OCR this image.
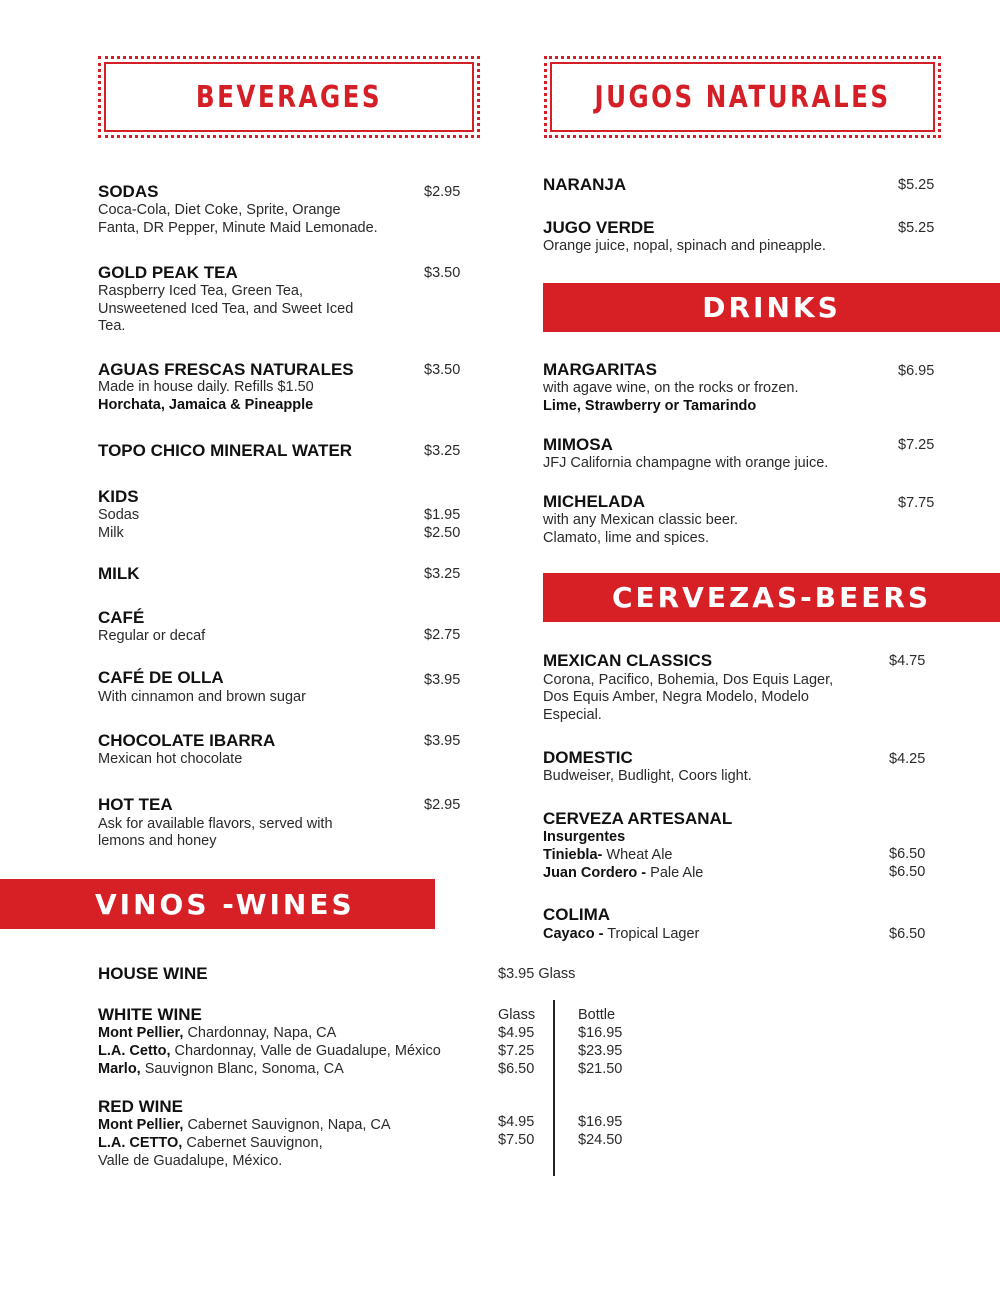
BEVERAGES	JUGOS NATURALES
SODAS	$2.95
Coca-Cola, Diet Coke, Sprite, Orange
Fanta, DR Pepper, Minute Maid Lemonade.
GOLD PEAK TEA	$3.50
Raspberry Iced Tea, Green Tea,
Unsweetened Iced Tea, and Sweet Iced
Tea.
AGUAS FRESCAS NATURALES	$3.50
Made in house daily. Refills $1.50
Horchata, Jamaica & Pineapple
TOPO CHICO MINERAL WATER	$3.25
KIDS
Sodas	$1.95
Milk	$2.50
MILK	$3.25
CAFÉ
Regular or decaf	$2.75
CAFÉ DE OLLA	$3.95
With cinnamon and brown sugar
CHOCOLATE IBARRA	$3.95
Mexican hot chocolate
HOT TEA	$2.95
Ask for available flavors, served with
lemons and honey
VINOS -WINES
HOUSE WINE	$3.95 Glass
WHITE WINE	Glass	Bottle
Mont Pellier, Chardonnay, Napa, CA	$4.95	$16.95
L.A. Cetto, Chardonnay, Valle de Guadalupe, México	$7.25	$23.95
Marlo, Sauvignon Blanc, Sonoma, CA	$6.50	$21.50
RED WINE
Mont Pellier, Cabernet Sauvignon, Napa, CA	$4.95	$16.95
L.A. CETTO, Cabernet Sauvignon,
Valle de Guadalupe, México.
$7.50	$24.50
NARANJA	$5.25
JUGO VERDE	$5.25
Orange juice, nopal, spinach and pineapple.
DRINKS
MARGARITAS	$6.95
with agave wine, on the rocks or frozen.
Lime, Strawberry or Tamarindo
MIMOSA	$7.25
JFJ California champagne with orange juice.
MICHELADA	$7.75
with any Mexican classic beer.
Clamato, lime and spices.
CERVEZAS-BEERS
MEXICAN CLASSICS	$4.75
Corona, Pacifico, Bohemia, Dos Equis Lager,
Dos Equis Amber, Negra Modelo, Modelo
Especial.
DOMESTIC	$4.25
Budweiser, Budlight, Coors light.
CERVEZA ARTESANAL
Insurgentes
Tiniebla- Wheat Ale	$6.50
Juan Cordero - Pale Ale	$6.50
COLIMA
Cayaco - Tropical Lager	$6.50
